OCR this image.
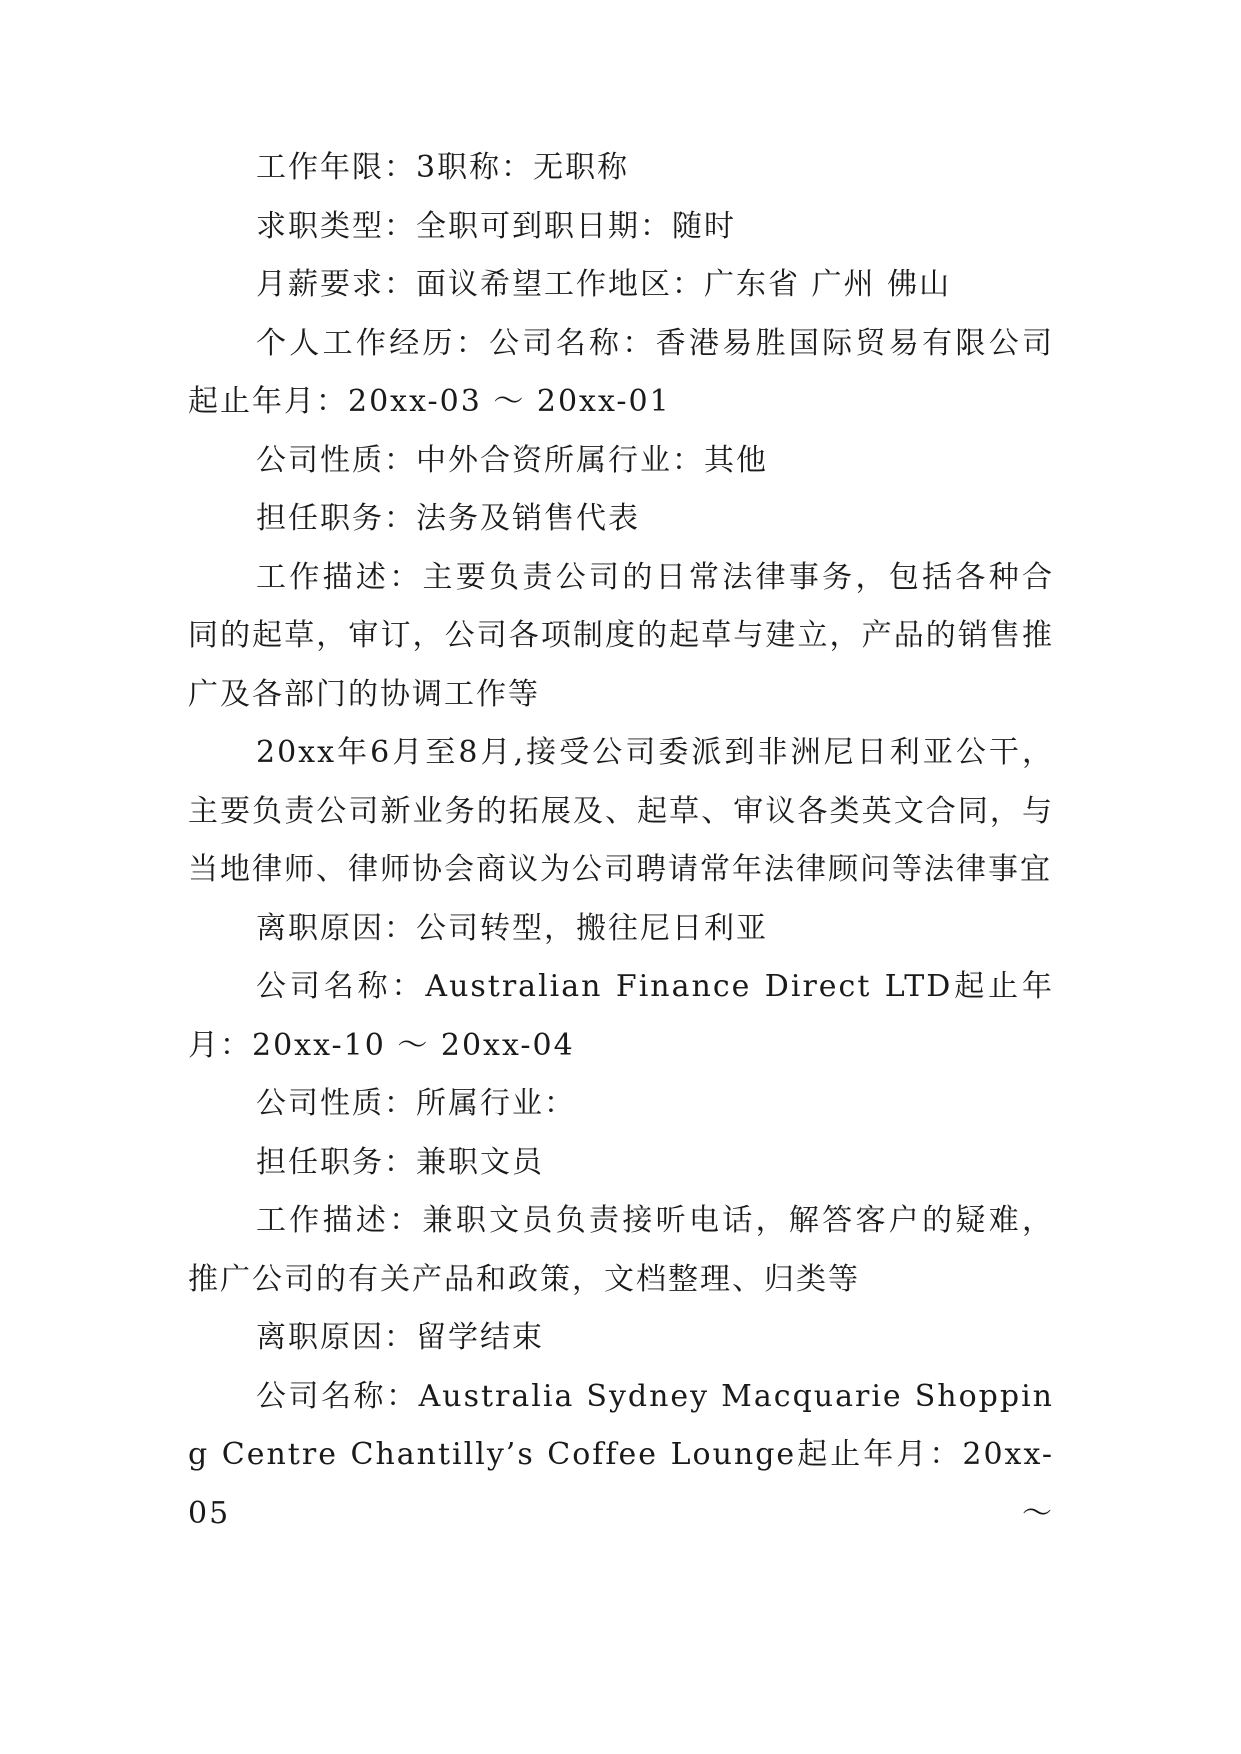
工作年限：3职称：无职称

求职类型：全职可到职日期：随时

月薪要求：面议希望工作地区：广东省 广州 佛山

个人工作经历：公司名称：香港易胜国际贸易有限公司起止年月：20xx-03 ～ 20xx-01

公司性质：中外合资所属行业：其他

担任职务：法务及销售代表

工作描述：主要负责公司的日常法律事务，包括各种合同的起草，审订，公司各项制度的起草与建立，产品的销售推广及各部门的协调工作等

20xx年6月至8月,接受公司委派到非洲尼日利亚公干，主要负责公司新业务的拓展及、起草、审议各类英文合同，与当地律师、律师协会商议为公司聘请常年法律顾问等法律事宜

离职原因：公司转型，搬往尼日利亚

公司名称：Australian Finance Direct LTD起止年月：20xx-10 ～ 20xx-04

公司性质：所属行业：

担任职务：兼职文员

工作描述：兼职文员负责接听电话，解答客户的疑难，推广公司的有关产品和政策，文档整理、归类等

离职原因：留学结束

公司名称：Australia Sydney Macquarie Shopping Centre Chantilly’s Coffee Lounge起止年月：20xx-05 ～
